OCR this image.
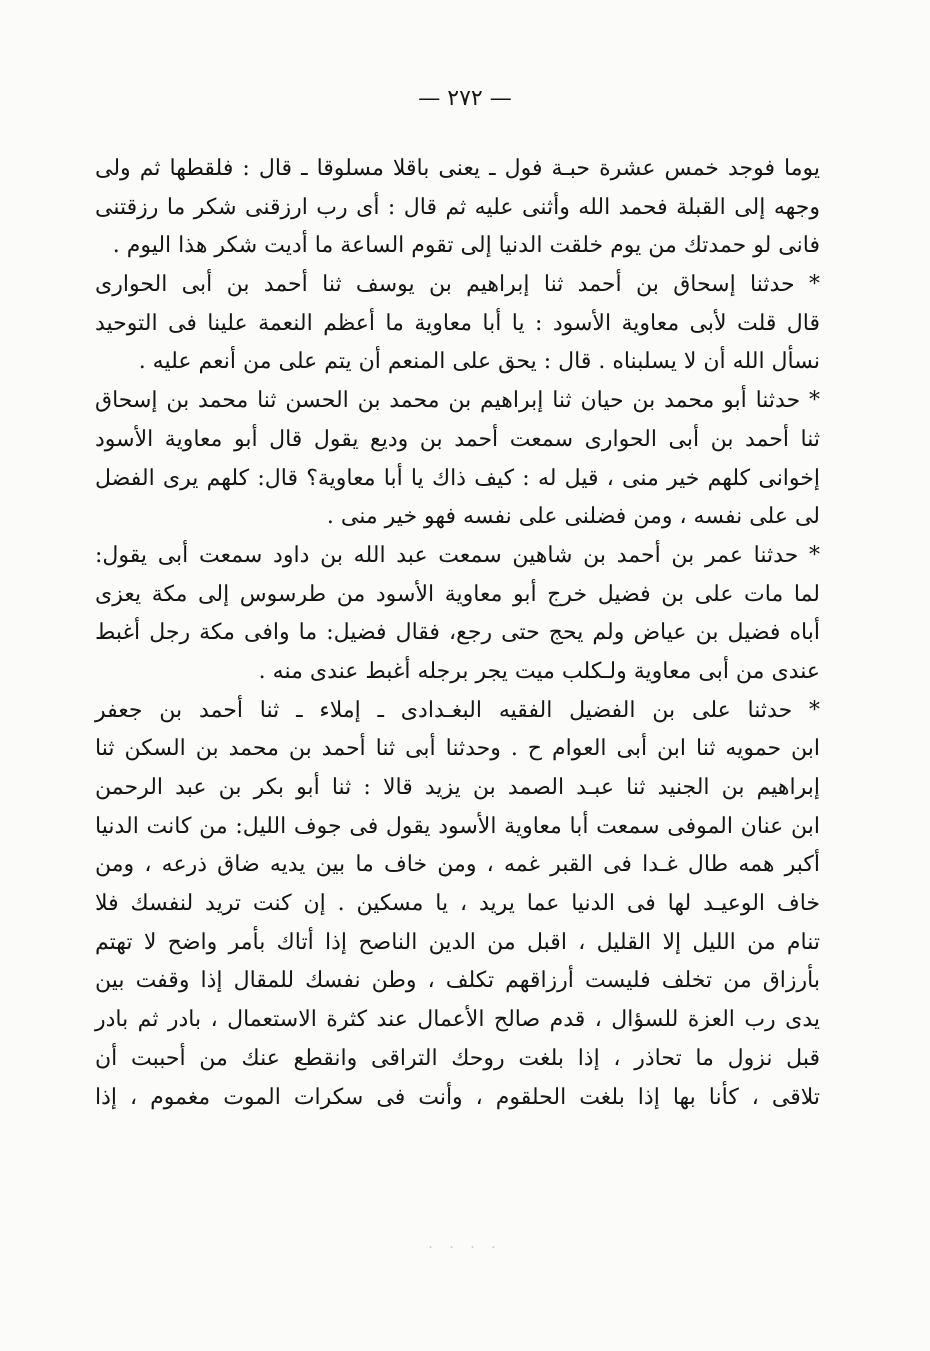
— ٢٧٢ —
يوما فوجد خمس عشرة حبـة فول ـ يعنى باقلا مسلوقا ـ قال : فلقطها ثم ولى
وجهه إلى القبلة فحمد الله وأثنى عليه ثم قال : أى رب ارزقنى شكر ما رزقتنى
فانى لو حمدتك من يوم خلقت الدنيا إلى تقوم الساعة ما أديت شكر هذا اليوم .
* حدثنا إسحاق بن أحمد ثنا إبراهيم بن يوسف ثنا أحمد بن أبى الحوارى
قال قلت لأبى معاوية الأسود : يا أبا معاوية ما أعظم النعمة علينا فى التوحيد
نسأل الله أن لا يسلبناه . قال : يحق على المنعم أن يتم على من أنعم عليه .
* حدثنا أبو محمد بن حيان ثنا إبراهيم بن محمد بن الحسن ثنا محمد بن إسحاق
ثنا أحمد بن أبى الحوارى سمعت أحمد بن وديع يقول قال أبو معاوية الأسود
إخوانى كلهم خير منى ، قيل له : كيف ذاك يا أبا معاوية؟ قال: كلهم يرى الفضل
لى على نفسه ، ومن فضلنى على نفسه فهو خير منى .
* حدثنا عمر بن أحمد بن شاهين سمعت عبد الله بن داود سمعت أبى يقول:
لما مات على بن فضيل خرج أبو معاوية الأسود من طرسوس إلى مكة يعزى
أباه فضيل بن عياض ولم يحج حتى رجع، فقال فضيل: ما وافى مكة رجل أغبط
عندى من أبى معاوية ولـكلب ميت يجر برجله أغبط عندى منه .
* حدثنا على بن الفضيل الفقيه البغـدادى ـ إملاء ـ ثنا أحمد بن جعفر
ابن حمويه ثنا ابن أبى العوام ح . وحدثنا أبى ثنا أحمد بن محمد بن السكن ثنا
إبراهيم بن الجنيد ثنا عبـد الصمد بن يزيد قالا : ثنا أبو بكر بن عبد الرحمن
ابن عنان الموفى سمعت أبا معاوية الأسود يقول فى جوف الليل: من كانت الدنيا
أكبر همه طال غـدا فى القبر غمه ، ومن خاف ما بين يديه ضاق ذرعه ، ومن
خاف الوعيـد لها فى الدنيا عما يريد ، يا مسكين . إن كنت تريد لنفسك فلا
تنام من الليل إلا القليل ، اقبل من الدين الناصح إذا أتاك بأمر واضح لا تهتم
بأرزاق من تخلف فليست أرزاقهم تكلف ، وطن نفسك للمقال إذا وقفت بين
يدى رب العزة للسؤال ، قدم صالح الأعمال عند كثرة الاستعمال ، بادر ثم بادر
قبل نزول ما تحاذر ، إذا بلغت روحك التراقى وانقطع عنك من أحببت أن
تلاقى ، كأنا بها إذا بلغت الحلقوم ، وأنت فى سكرات الموت مغموم ، إذا
· · · ·
